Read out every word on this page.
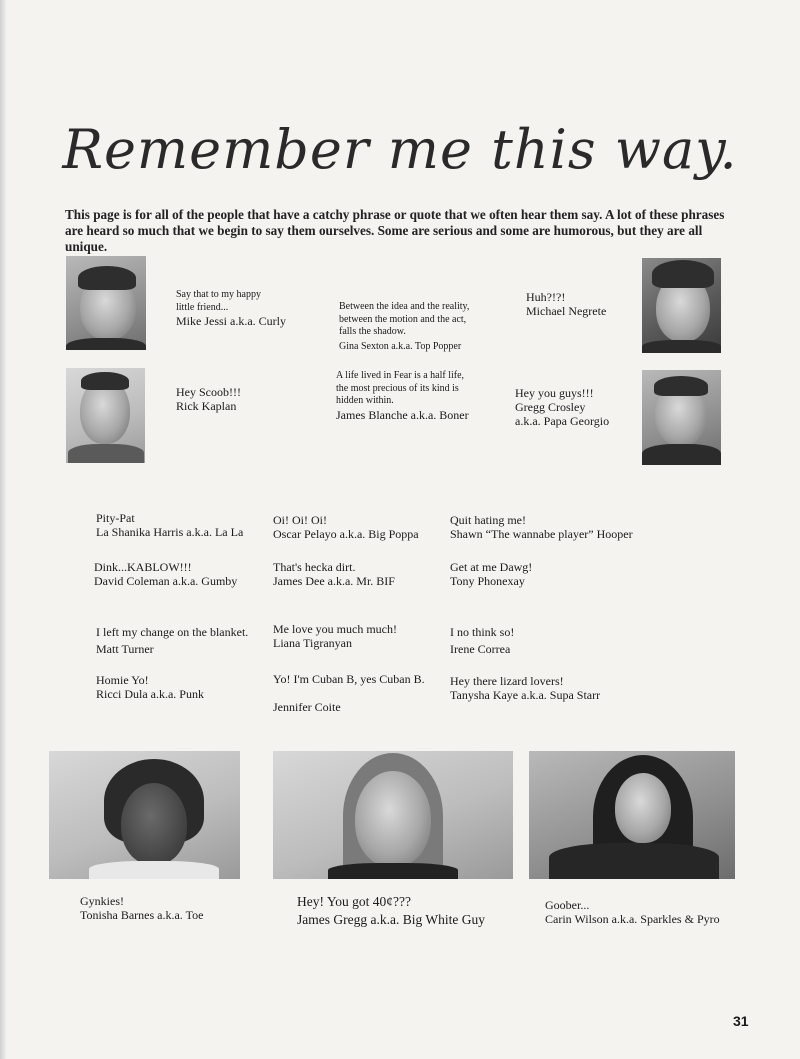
Remember me this way.
This page is for all of the people that have a catchy phrase or quote that we often hear them say. A lot of these phrases are heard so much that we begin to say them ourselves. Some are serious and some are humorous, but they are all unique.
Say that to my happy
little friend...
Mike Jessi a.k.a. Curly
Hey Scoob!!!
Rick Kaplan
Between the idea and the reality,
between the motion and the act,
falls the shadow.
Gina Sexton a.k.a. Top Popper
A life lived in Fear is a half life,
the most precious of its kind is
hidden within.
James Blanche a.k.a. Boner
Huh?!?!
Michael Negrete
Hey you guys!!!
Gregg Crosley
a.k.a. Papa Georgio
Pity-Pat
La Shanika Harris a.k.a. La La
Dink...KABLOW!!!
David Coleman a.k.a. Gumby
I left my change on the blanket.
Matt Turner
Homie Yo!
Ricci Dula a.k.a. Punk
Oi! Oi! Oi!
Oscar Pelayo a.k.a. Big Poppa
That's hecka dirt.
James Dee a.k.a. Mr. BIF
Me love you much much!
Liana Tigranyan
Yo! I'm Cuban B, yes Cuban B.
Jennifer Coite
Quit hating me!
Shawn “The wannabe player” Hooper
Get at me Dawg!
Tony Phonexay
I no think so!
Irene Correa
Hey there lizard lovers!
Tanysha Kaye a.k.a. Supa Starr
Gynkies!
Tonisha Barnes a.k.a. Toe
Hey! You got 40¢???
James Gregg a.k.a. Big White Guy
Goober...
Carin Wilson a.k.a. Sparkles & Pyro
31
